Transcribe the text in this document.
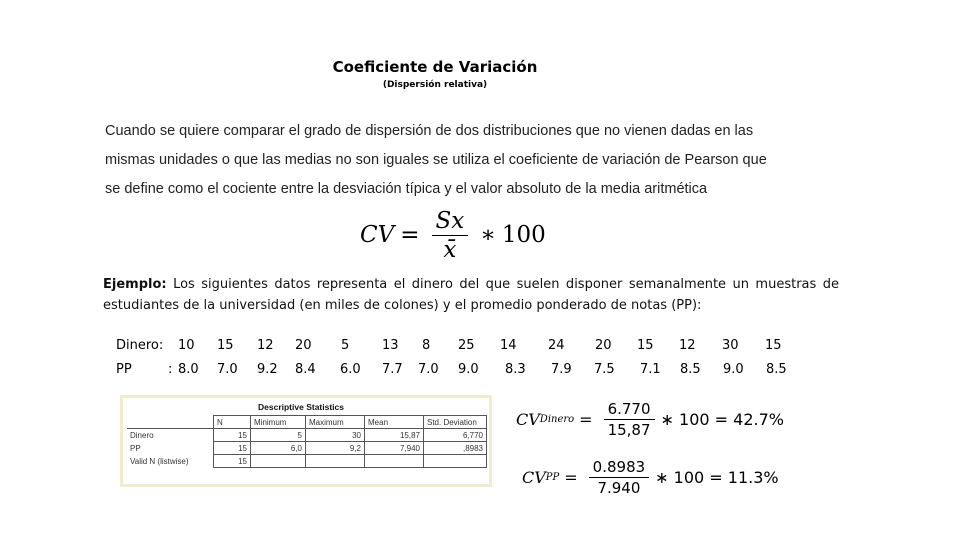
Coeficiente de Variación
(Dispersión relativa)
Cuando se quiere comparar el grado de dispersión de dos distribuciones que no vienen dadas en las
mismas unidades o que las medias no son iguales se utiliza el coeficiente de variación de Pearson que
se define como el cociente entre la desviación típica y el valor absoluto de la media aritmética
CV = $\frac{Sx}{x̄}$ ∗ 100
Ejemplo: Los siguientes datos representa el dinero del que suelen disponer semanalmente un muestras de estudiantes de la universidad (en miles de colones) y el promedio ponderado de notas (PP):
Dinero: 10 15 12 20 5	13 8 25 14 24 20 15 12 30 15
PP	: 8.0 7.0 9.2 8.4 6.0 7.7 7.0 9.0 8.3 7.9 7.5 7.1 8.5 9.0 8.5
Descriptive Statistics
	N	Minimum	Maximum	Mean	Std. Deviation
Dinero	15	5	30	15,87	6,770
PP	15	6,0	9,2	7,940	,8983
Valid N (listwise)	15				
CV Dinero = $\frac{6.770}{15,87}$ ∗ 100 = 42.7%
CV PP = $\frac{0.8983}{7.940}$ ∗ 100 = 11.3%
